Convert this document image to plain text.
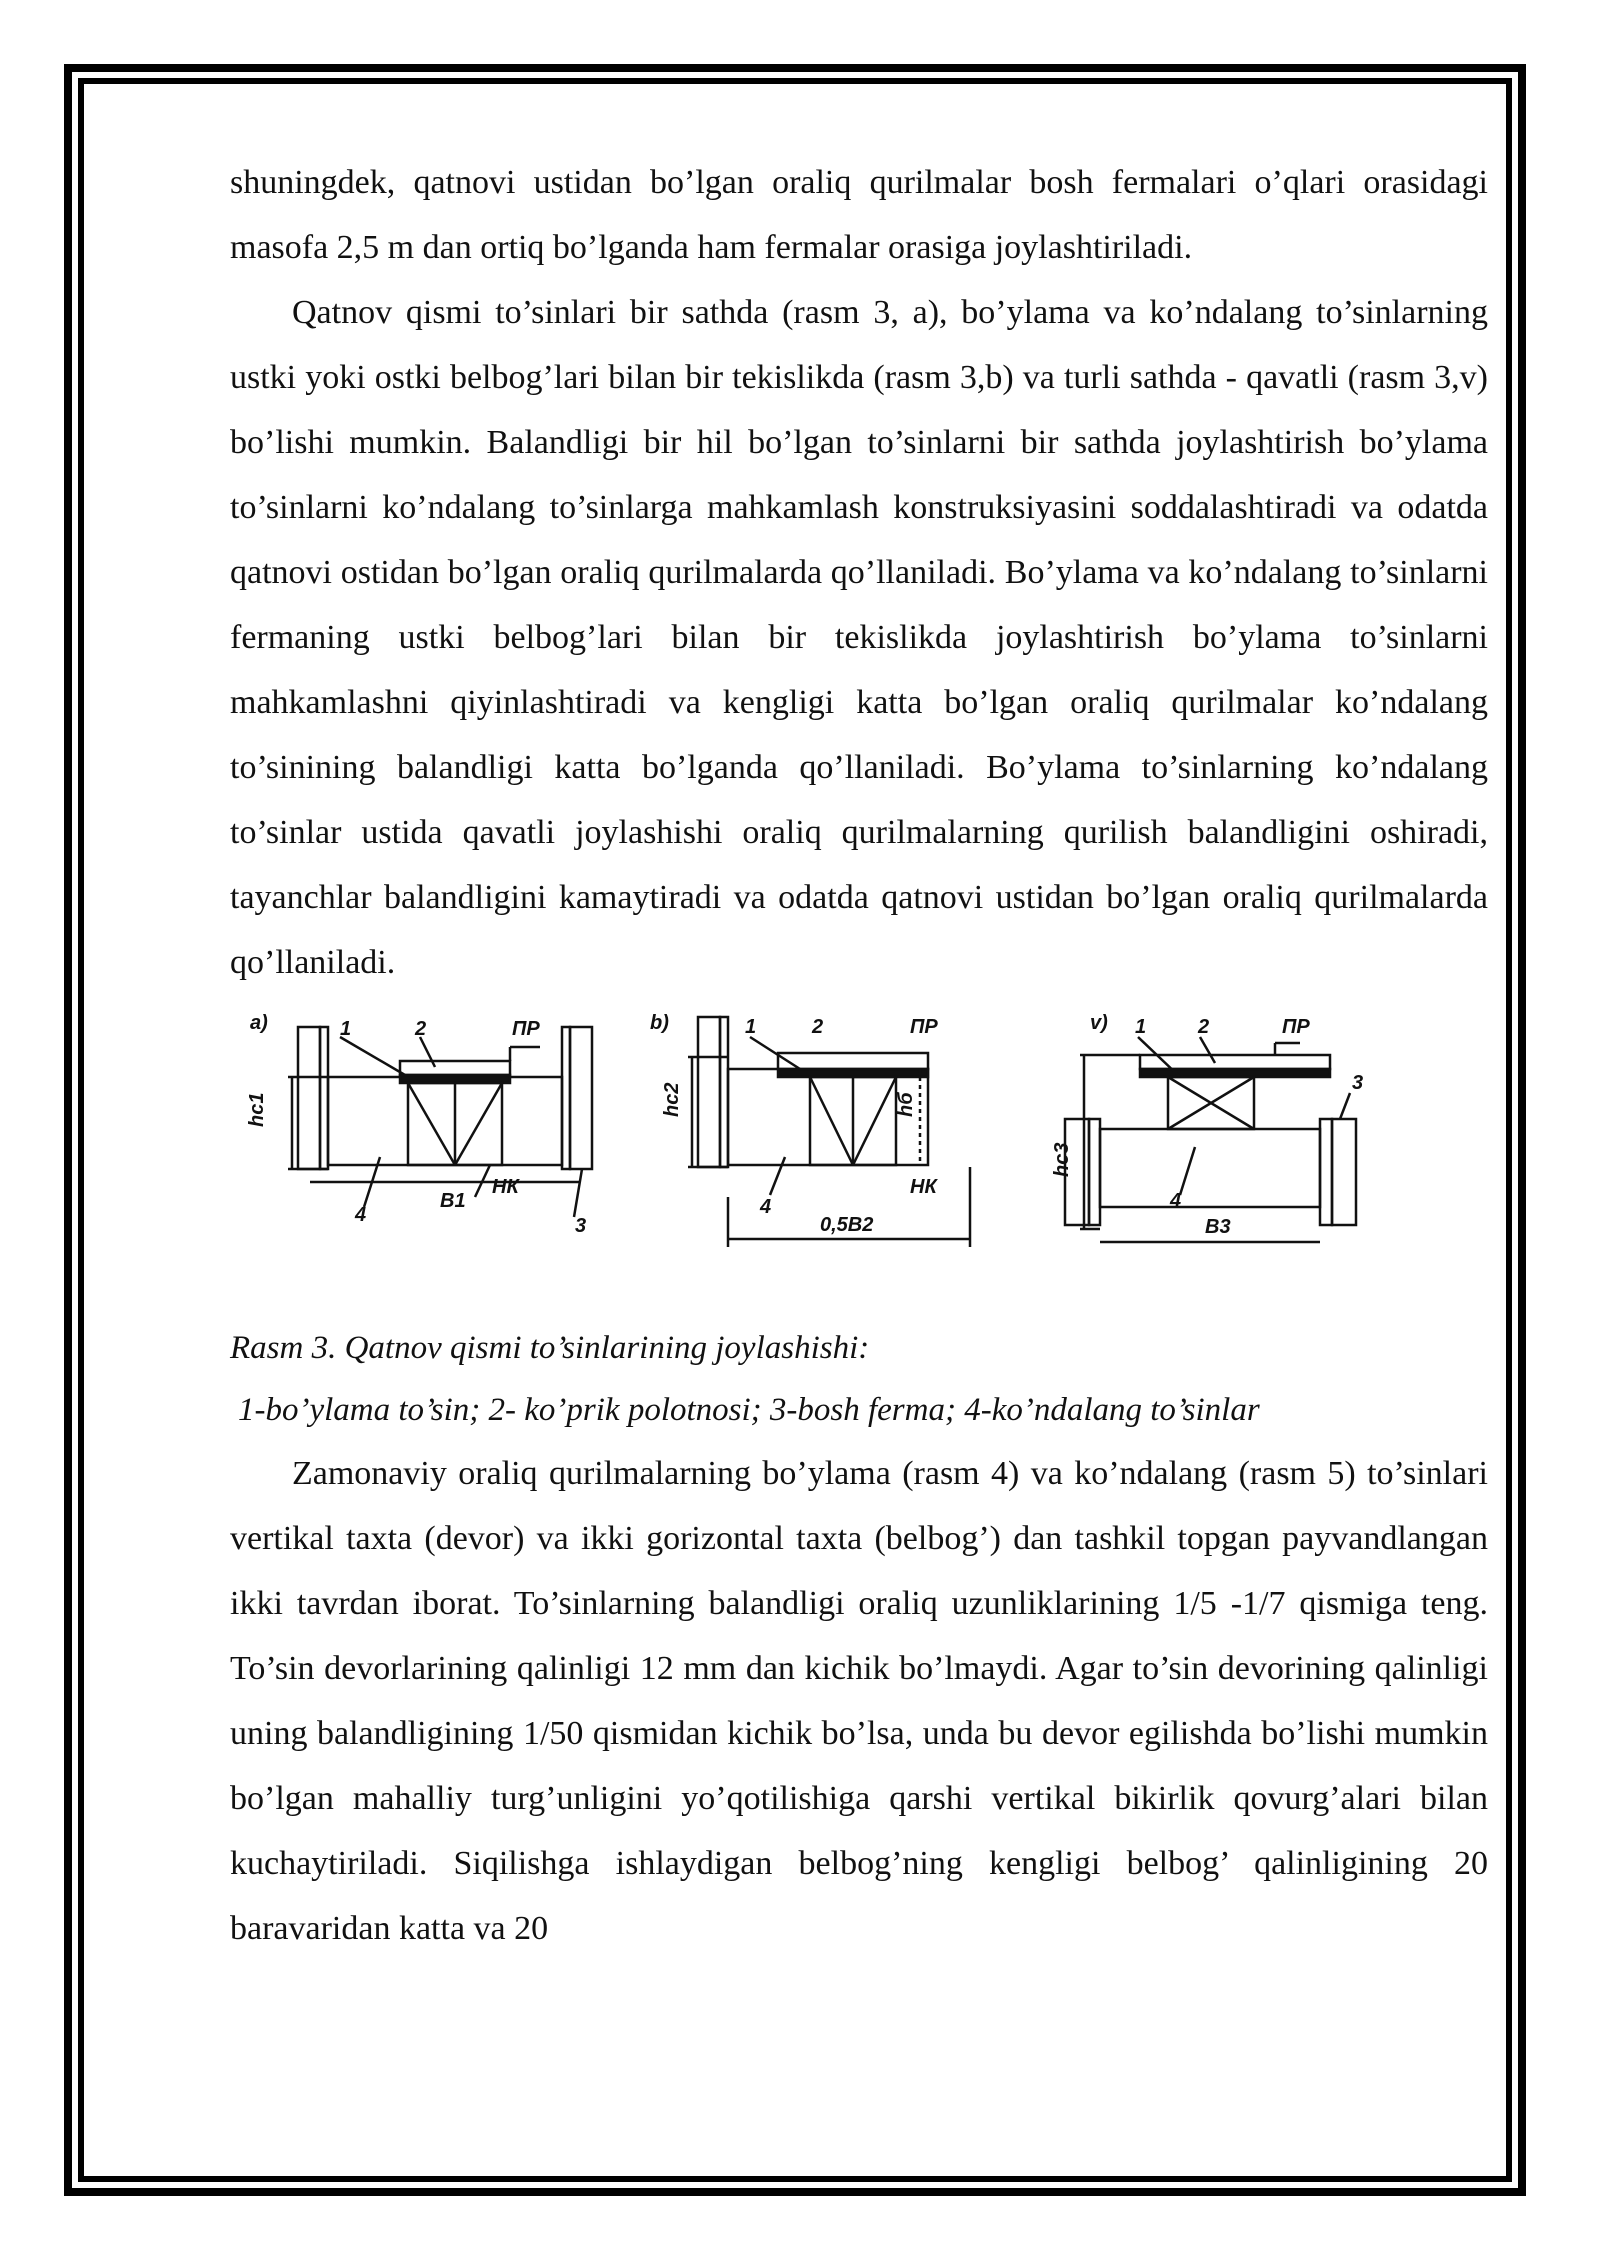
shuningdek, qatnovi ustidan bo’lgan oraliq qurilmalar bosh fermalari o’qlari orasidagi masofa 2,5 m dan ortiq bo’lganda ham fermalar orasiga joylashtiriladi.

Qatnov qismi to’sinlari bir sathda (rasm 3, a), bo’ylama va ko’ndalang to’sinlarning ustki yoki ostki belbog’lari bilan bir tekislikda (rasm 3,b) va turli sathda - qavatli (rasm 3,v) bo’lishi mumkin. Balandligi bir hil bo’lgan to’sinlarni bir sathda joylashtirish bo’ylama to’sinlarni ko’ndalang to’sinlarga mahkamlash konstruksiyasini soddalashtiradi va odatda qatnovi ostidan bo’lgan oraliq qurilmalarda qo’llaniladi. Bo’ylama va ko’ndalang to’sinlarni fermaning ustki belbog’lari bilan bir tekislikda joylashtirish bo’ylama to’sinlarni mahkamlashni qiyinlashtiradi va kengligi katta bo’lgan oraliq qurilmalar ko’ndalang to’sinining balandligi katta bo’lganda qo’llaniladi. Bo’ylama to’sinlarning ko’ndalang to’sinlar ustida qavatli joylashishi oraliq qurilmalarning qurilish balandligini oshiradi, tayanchlar balandligini kamaytiradi va odatda qatnovi ustidan bo’lgan oraliq qurilmalarda qo’llaniladi.

a)	1	2	ПР
НК
4	3
В1
hс1
b)	1	2	ПР
НК
4
0,5В2
hс2	hб
v) 1	2	ПР
3
4
В3
hс3

Rasm 3. Qatnov qismi to’sinlarining joylashishi:

1-bo’ylama to’sin; 2- ko’prik polotnosi; 3-bosh ferma; 4-ko’ndalang to’sinlar

Zamonaviy oraliq qurilmalarning bo’ylama (rasm 4) va ko’ndalang (rasm 5) to’sinlari vertikal taxta (devor) va ikki gorizontal taxta (belbog’) dan tashkil topgan payvandlangan ikki tavrdan iborat. To’sinlarning balandligi oraliq uzunliklarining 1/5 -1/7 qismiga teng. To’sin devorlarining qalinligi 12 mm dan kichik bo’lmaydi. Agar to’sin devorining qalinligi uning balandligining 1/50 qismidan kichik bo’lsa, unda bu devor egilishda bo’lishi mumkin bo’lgan mahalliy turg’unligini yo’qotilishiga qarshi vertikal bikirlik qovurg’alari bilan kuchaytiriladi. Siqilishga ishlaydigan belbog’ning kengligi belbog’ qalinligining 20 baravaridan katta va 20
